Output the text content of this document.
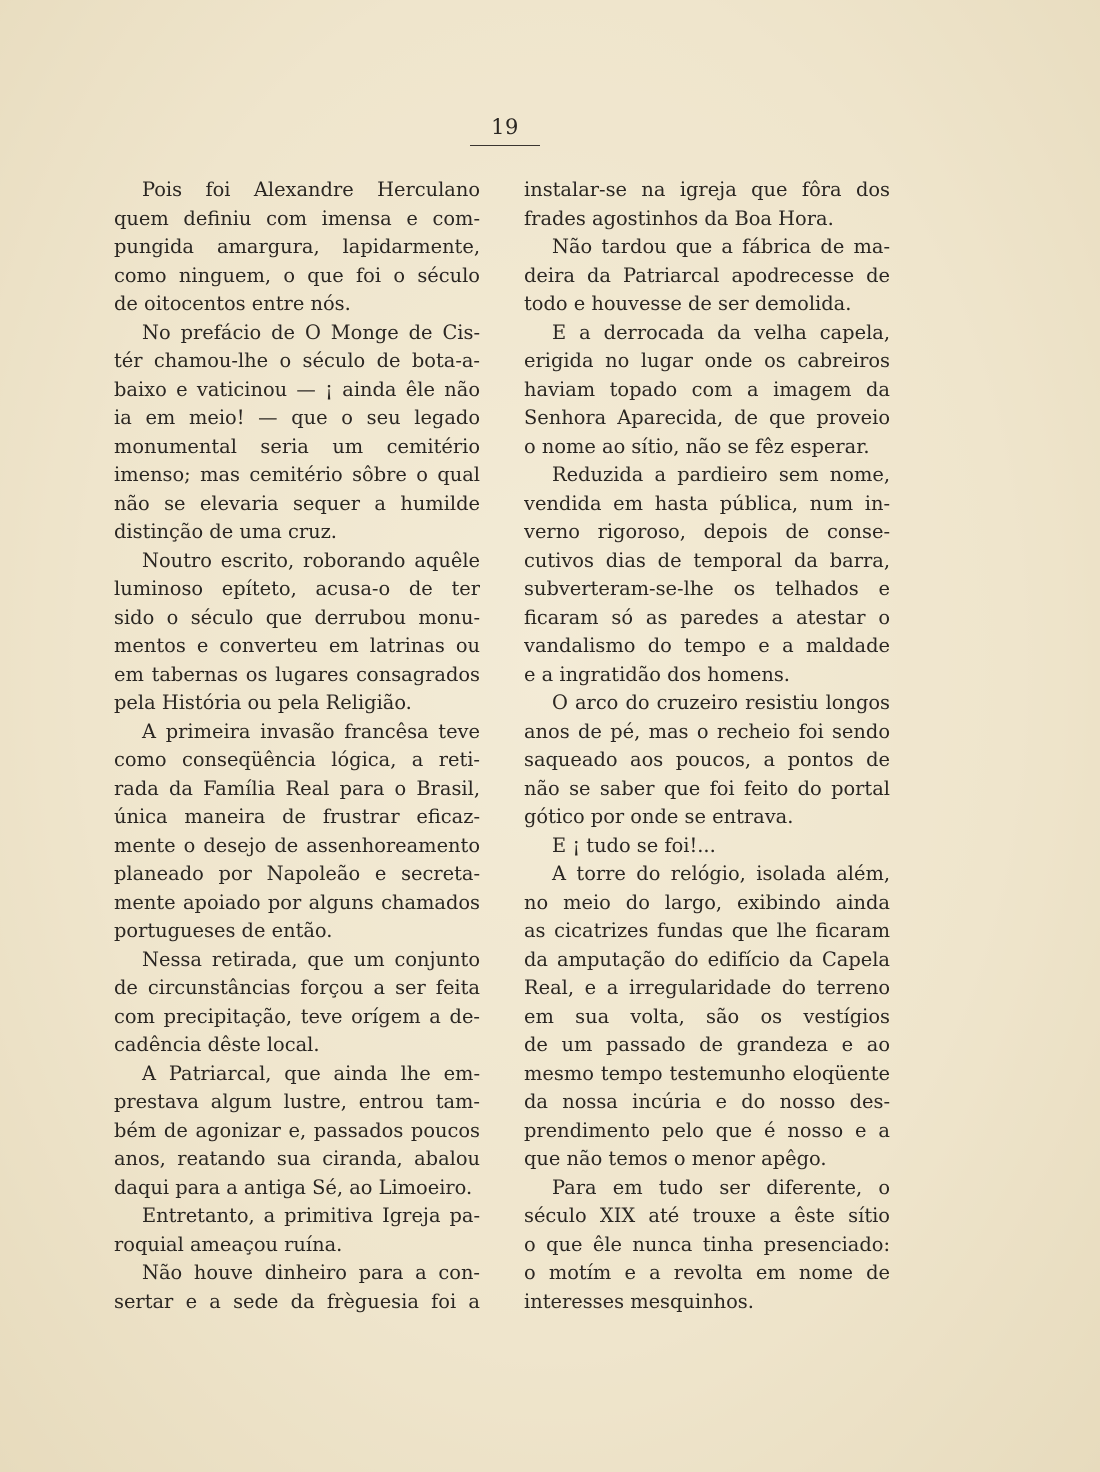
19
Pois foi Alexandre Herculano
quem definiu com imensa e com-
pungida amargura, lapidarmente,
como ninguem, o que foi o século
de oitocentos entre nós.
No prefácio de O Monge de Cis-
tér chamou-lhe o século de bota-a-
baixo e vaticinou — ¡ ainda êle não
ia em meio! — que o seu legado
monumental seria um cemitério
imenso; mas cemitério sôbre o qual
não se elevaria sequer a humilde
distinção de uma cruz.
Noutro escrito, roborando aquêle
luminoso epíteto, acusa-o de ter
sido o século que derrubou monu-
mentos e converteu em latrinas ou
em tabernas os lugares consagrados
pela História ou pela Religião.
A primeira invasão francêsa teve
como conseqüência lógica, a reti-
rada da Família Real para o Brasil,
única maneira de frustrar eficaz-
mente o desejo de assenhoreamento
planeado por Napoleão e secreta-
mente apoiado por alguns chamados
portugueses de então.
Nessa retirada, que um conjunto
de circunstâncias forçou a ser feita
com precipitação, teve orígem a de-
cadência dêste local.
A Patriarcal, que ainda lhe em-
prestava algum lustre, entrou tam-
bém de agonizar e, passados poucos
anos, reatando sua ciranda, abalou
daqui para a antiga Sé, ao Limoeiro.
Entretanto, a primitiva Igreja pa-
roquial ameaçou ruína.
Não houve dinheiro para a con-
sertar e a sede da frèguesia foi a
instalar-se na igreja que fôra dos
frades agostinhos da Boa Hora.
Não tardou que a fábrica de ma-
deira da Patriarcal apodrecesse de
todo e houvesse de ser demolida.
E a derrocada da velha capela,
erigida no lugar onde os cabreiros
haviam topado com a imagem da
Senhora Aparecida, de que proveio
o nome ao sítio, não se fêz esperar.
Reduzida a pardieiro sem nome,
vendida em hasta pública, num in-
verno rigoroso, depois de conse-
cutivos dias de temporal da barra,
subverteram-se-lhe os telhados e
ficaram só as paredes a atestar o
vandalismo do tempo e a maldade
e a ingratidão dos homens.
O arco do cruzeiro resistiu longos
anos de pé, mas o recheio foi sendo
saqueado aos poucos, a pontos de
não se saber que foi feito do portal
gótico por onde se entrava.
E ¡ tudo se foi!...
A torre do relógio, isolada além,
no meio do largo, exibindo ainda
as cicatrizes fundas que lhe ficaram
da amputação do edifício da Capela
Real, e a irregularidade do terreno
em sua volta, são os vestígios
de um passado de grandeza e ao
mesmo tempo testemunho eloqüente
da nossa incúria e do nosso des-
prendimento pelo que é nosso e a
que não temos o menor apêgo.
Para em tudo ser diferente, o
século XIX até trouxe a êste sítio
o que êle nunca tinha presenciado:
o motím e a revolta em nome de
interesses mesquinhos.
